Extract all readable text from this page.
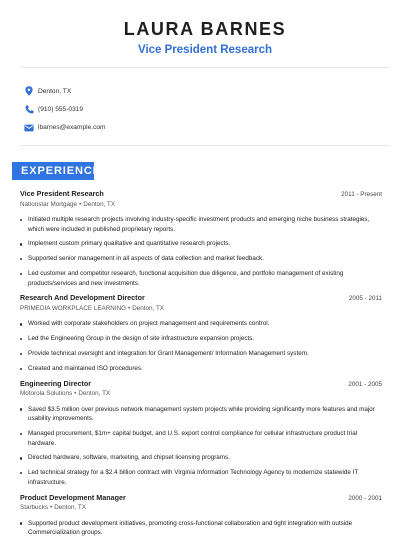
LAURA BARNES
Vice President Research
Denton, TX
(910) 555-0319
lbarnes@example.com
EXPERIENCE
Vice President Research	2011 - Present
Nationstar Mortgage • Denton, TX
Initiated multiple research projects involving industry-specific investment products and emerging niche business strategies, which were included in published proprietary reports.
Implement custom primary qualitative and quantitative research projects.
Supported senior management in all aspects of data collection and market feedback.
Led customer and competitor research, functional acquisition due diligence, and portfolio management of existing products/services and new investments.
Research And Development Director	2005 - 2011
PRIMEDIA WORKPLACE LEARNING • Denton, TX
Worked with corporate stakeholders on project management and requirements control.
Led the Engineering Group in the design of site infrastructure expansion projects.
Provide technical oversight and integration for Grant Management/ Information Management system.
Created and maintained ISO procedures.
Engineering Director	2001 - 2005
Motorola Solutions • Denton, TX
Saved $3.5 million over previous network management system projects while providing significantly more features and major usability improvements.
Managed procurement, $1m+ capital budget, and U.S. export control compliance for cellular infrastructure product trial hardware.
Directed hardware, software, marketing, and chipset licensing programs.
Led technical strategy for a $2.4 billion contract with Virginia Information Technology Agency to modernize statewide IT infrastructure.
Product Development Manager	2000 - 2001
Starbucks • Denton, TX
Supported product development initiatives, promoting cross-functional collaboration and tight integration with outside Commercialization groups.
